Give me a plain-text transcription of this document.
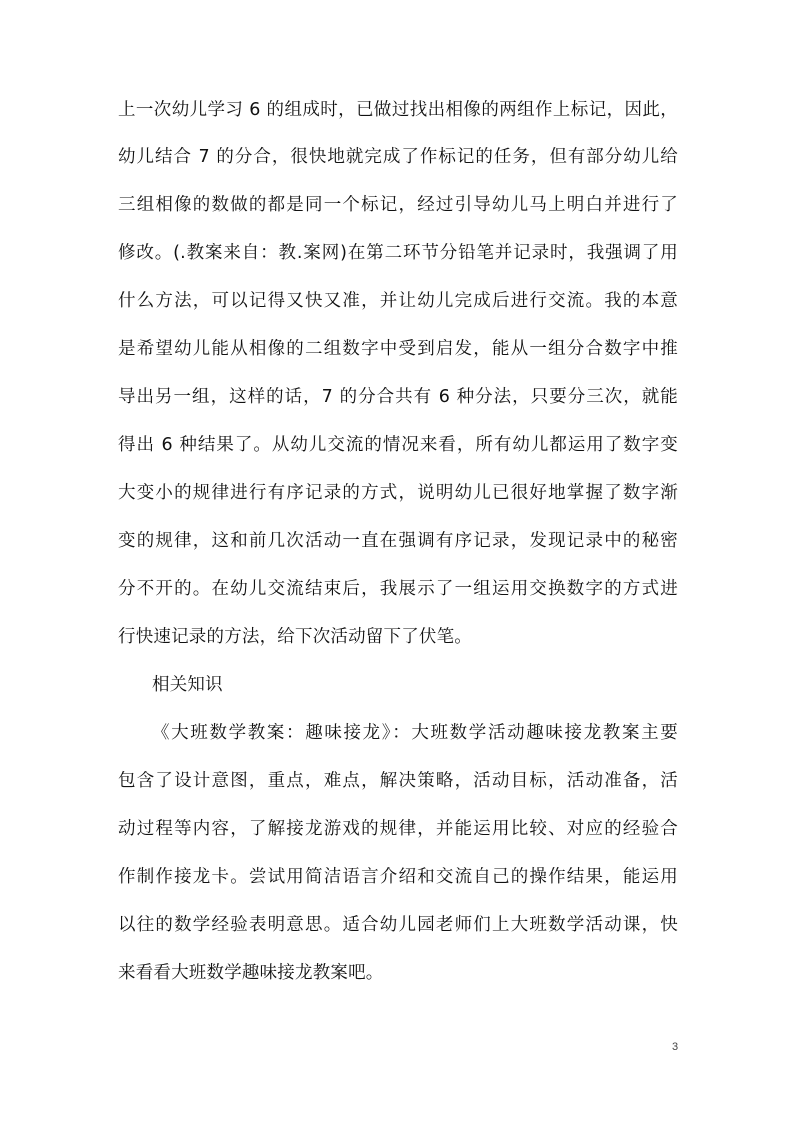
上一次幼儿学习 6 的组成时，已做过找出相像的两组作上标记，因此，
幼儿结合 7 的分合，很快地就完成了作标记的任务，但有部分幼儿给
三组相像的数做的都是同一个标记，经过引导幼儿马上明白并进行了
修改。(.教案来自：教.案网)在第二环节分铅笔并记录时，我强调了用
什么方法，可以记得又快又准，并让幼儿完成后进行交流。我的本意
是希望幼儿能从相像的二组数字中受到启发，能从一组分合数字中推
导出另一组，这样的话，7 的分合共有 6 种分法，只要分三次，就能
得出 6 种结果了。从幼儿交流的情况来看，所有幼儿都运用了数字变
大变小的规律进行有序记录的方式，说明幼儿已很好地掌握了数字渐
变的规律，这和前几次活动一直在强调有序记录，发现记录中的秘密
分不开的。在幼儿交流结束后，我展示了一组运用交换数字的方式进
行快速记录的方法，给下次活动留下了伏笔。
相关知识
《大班数学教案：趣味接龙》：大班数学活动趣味接龙教案主要
包含了设计意图，重点，难点，解决策略，活动目标，活动准备，活
动过程等内容，了解接龙游戏的规律，并能运用比较、对应的经验合
作制作接龙卡。尝试用简洁语言介绍和交流自己的操作结果，能运用
以往的数学经验表明意思。适合幼儿园老师们上大班数学活动课，快
来看看大班数学趣味接龙教案吧。
3
